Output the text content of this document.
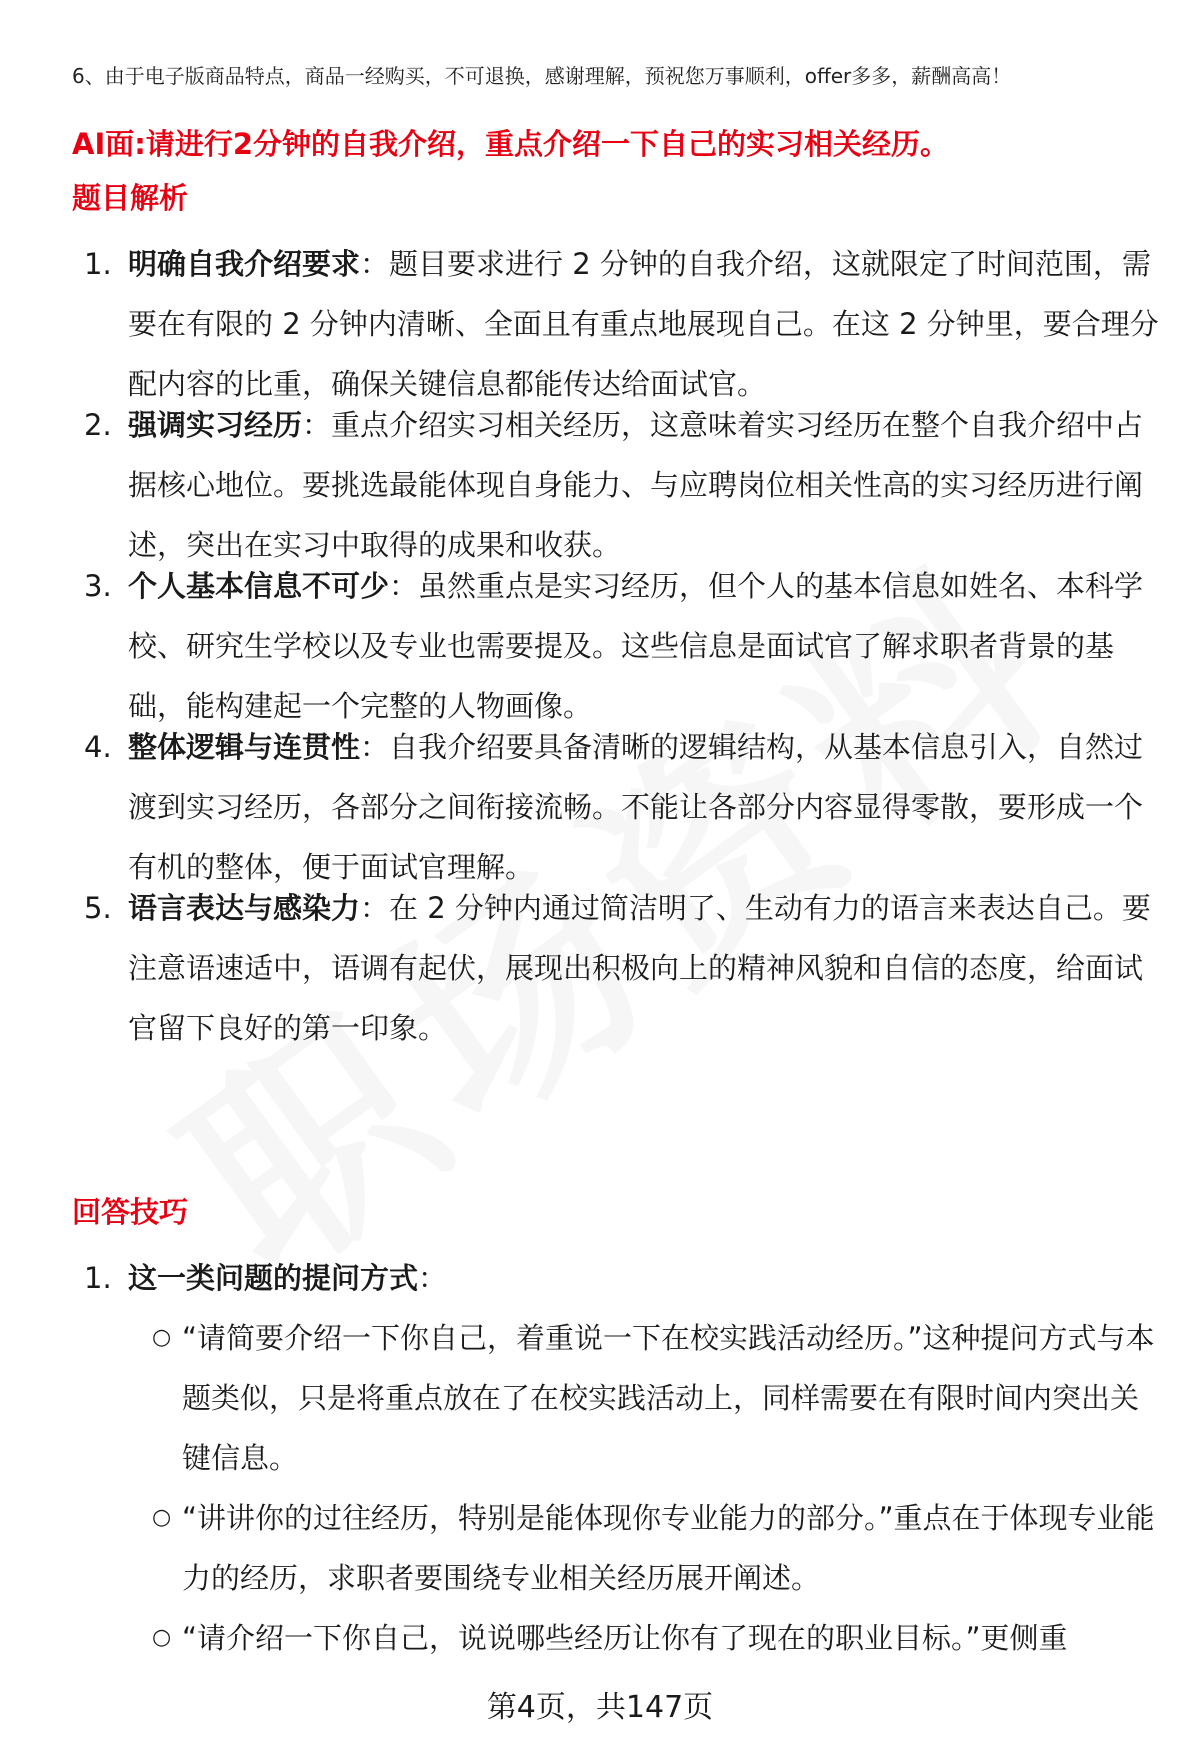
6、由于电子版商品特点，商品一经购买，不可退换，感谢理解，预祝您万事顺利，offer多多，薪酬高高！
AI面:请进行2分钟的自我介绍，重点介绍一下自己的实习相关经历。
题目解析
1. 明确自我介绍要求：题目要求进行 2 分钟的自我介绍，这就限定了时间范围，需要在有限的 2 分钟内清晰、全面且有重点地展现自己。在这 2 分钟里，要合理分配内容的比重，确保关键信息都能传达给面试官。
2. 强调实习经历：重点介绍实习相关经历，这意味着实习经历在整个自我介绍中占据核心地位。要挑选最能体现自身能力、与应聘岗位相关性高的实习经历进行阐述，突出在实习中取得的成果和收获。
3. 个人基本信息不可少：虽然重点是实习经历，但个人的基本信息如姓名、本科学校、研究生学校以及专业也需要提及。这些信息是面试官了解求职者背景的基础，能构建起一个完整的人物画像。
4. 整体逻辑与连贯性：自我介绍要具备清晰的逻辑结构，从基本信息引入，自然过渡到实习经历，各部分之间衔接流畅。不能让各部分内容显得零散，要形成一个有机的整体，便于面试官理解。
5. 语言表达与感染力：在 2 分钟内通过简洁明了、生动有力的语言来表达自己。要注意语速适中，语调有起伏，展现出积极向上的精神风貌和自信的态度，给面试官留下良好的第一印象。
回答技巧
1. 这一类问题的提问方式：
○ “请简要介绍一下你自己，着重说一下在校实践活动经历。”这种提问方式与本题类似，只是将重点放在了在校实践活动上，同样需要在有限时间内突出关键信息。
○ “讲讲你的过往经历，特别是能体现你专业能力的部分。”重点在于体现专业能力的经历，求职者要围绕专业相关经历展开阐述。
○ “请介绍一下你自己，说说哪些经历让你有了现在的职业目标。”更侧重
第4页，共147页
